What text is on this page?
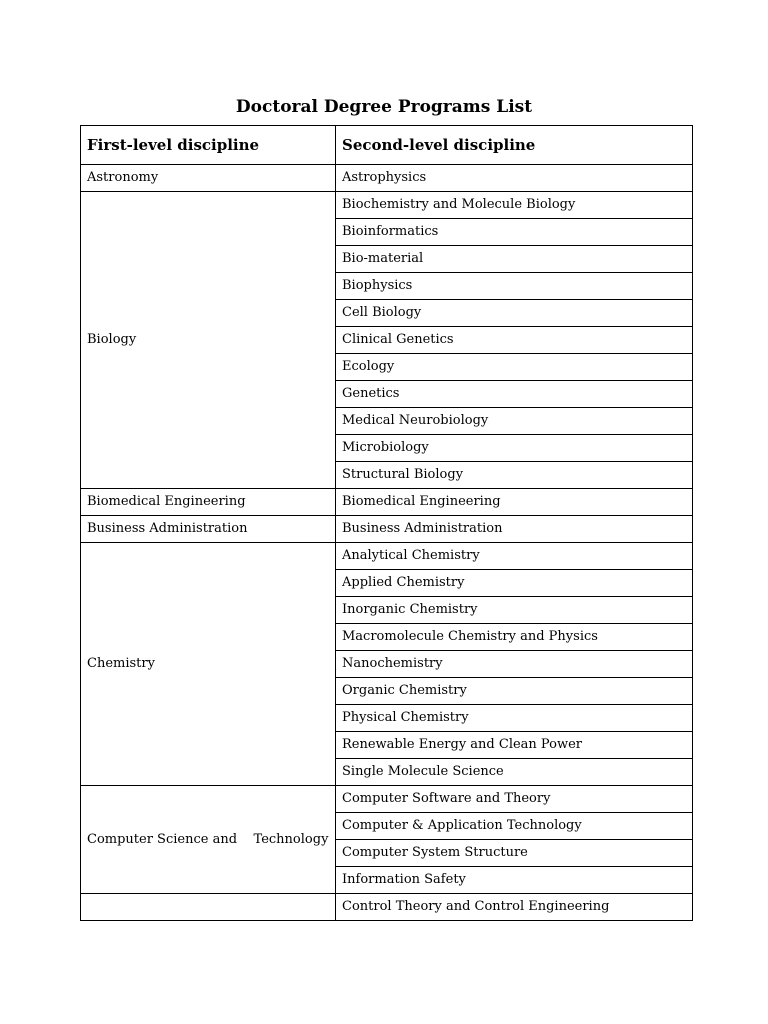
Doctoral Degree Programs List
First-level discipline	Second-level discipline
Astronomy	Astrophysics
Biology	Biochemistry and Molecule Biology
	Bioinformatics
	Bio-material
	Biophysics
	Cell Biology
	Clinical Genetics
	Ecology
	Genetics
	Medical Neurobiology
	Microbiology
	Structural Biology
Biomedical Engineering	Biomedical Engineering
Business Administration	Business Administration
Chemistry	Analytical Chemistry
	Applied Chemistry
	Inorganic Chemistry
	Macromolecule Chemistry and Physics
	Nanochemistry
	Organic Chemistry
	Physical Chemistry
	Renewable Energy and Clean Power
	Single Molecule Science
Computer Science and    Technology	Computer Software and Theory
	Computer & Application Technology
	Computer System Structure
	Information Safety
	Control Theory and Control Engineering
